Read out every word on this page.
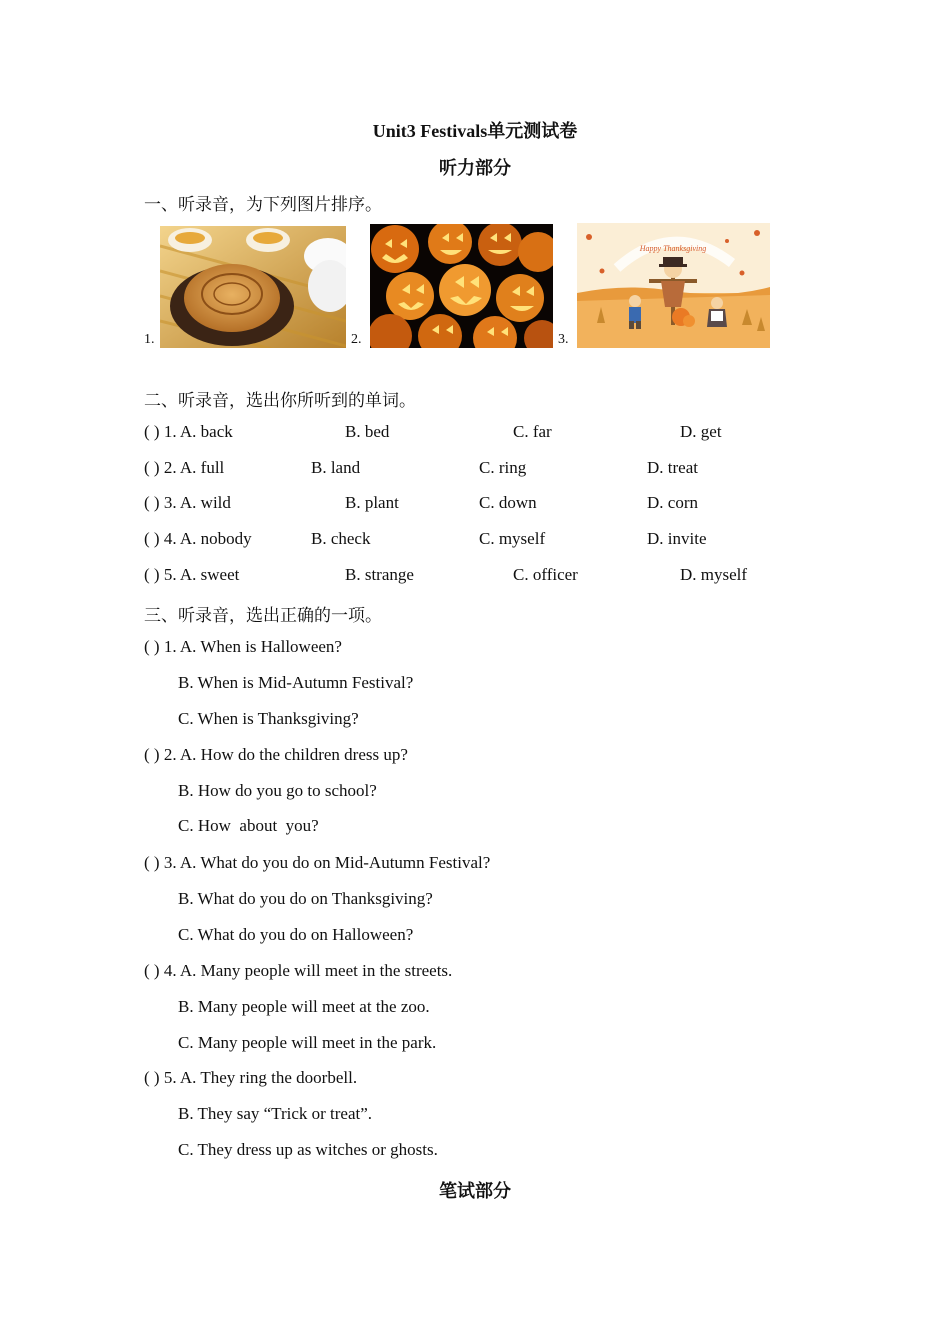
Unit3 Festivals单元测试卷
听力部分
一、听录音，为下列图片排序。
1.	2.	3.
Happy Thanksgiving
二、听录音，选出你所听到的单词。
( ) 1. A. back	B. bed	C. far	D. get
( ) 2. A. full	B. land	C. ring	D. treat
( ) 3. A. wild	B. plant	C. down	D. corn
( ) 4. A. nobody	B. check	C. myself	D. invite
( ) 5. A. sweet	B. strange	C. officer	D. myself
三、听录音，选出正确的一项。
( ) 1. A. When is Halloween?
B. When is Mid-Autumn Festival?
C. When is Thanksgiving?
( ) 2. A. How do the children dress up?
B. How do you go to school?
C. How  about  you?
( ) 3. A. What do you do on Mid-Autumn Festival?
B. What do you do on Thanksgiving?
C. What do you do on Halloween?
( ) 4. A. Many people will meet in the streets.
B. Many people will meet at the zoo.
C. Many people will meet in the park.
( ) 5. A. They ring the doorbell.
B. They say “Trick or treat”.
C. They dress up as witches or ghosts.
笔试部分
